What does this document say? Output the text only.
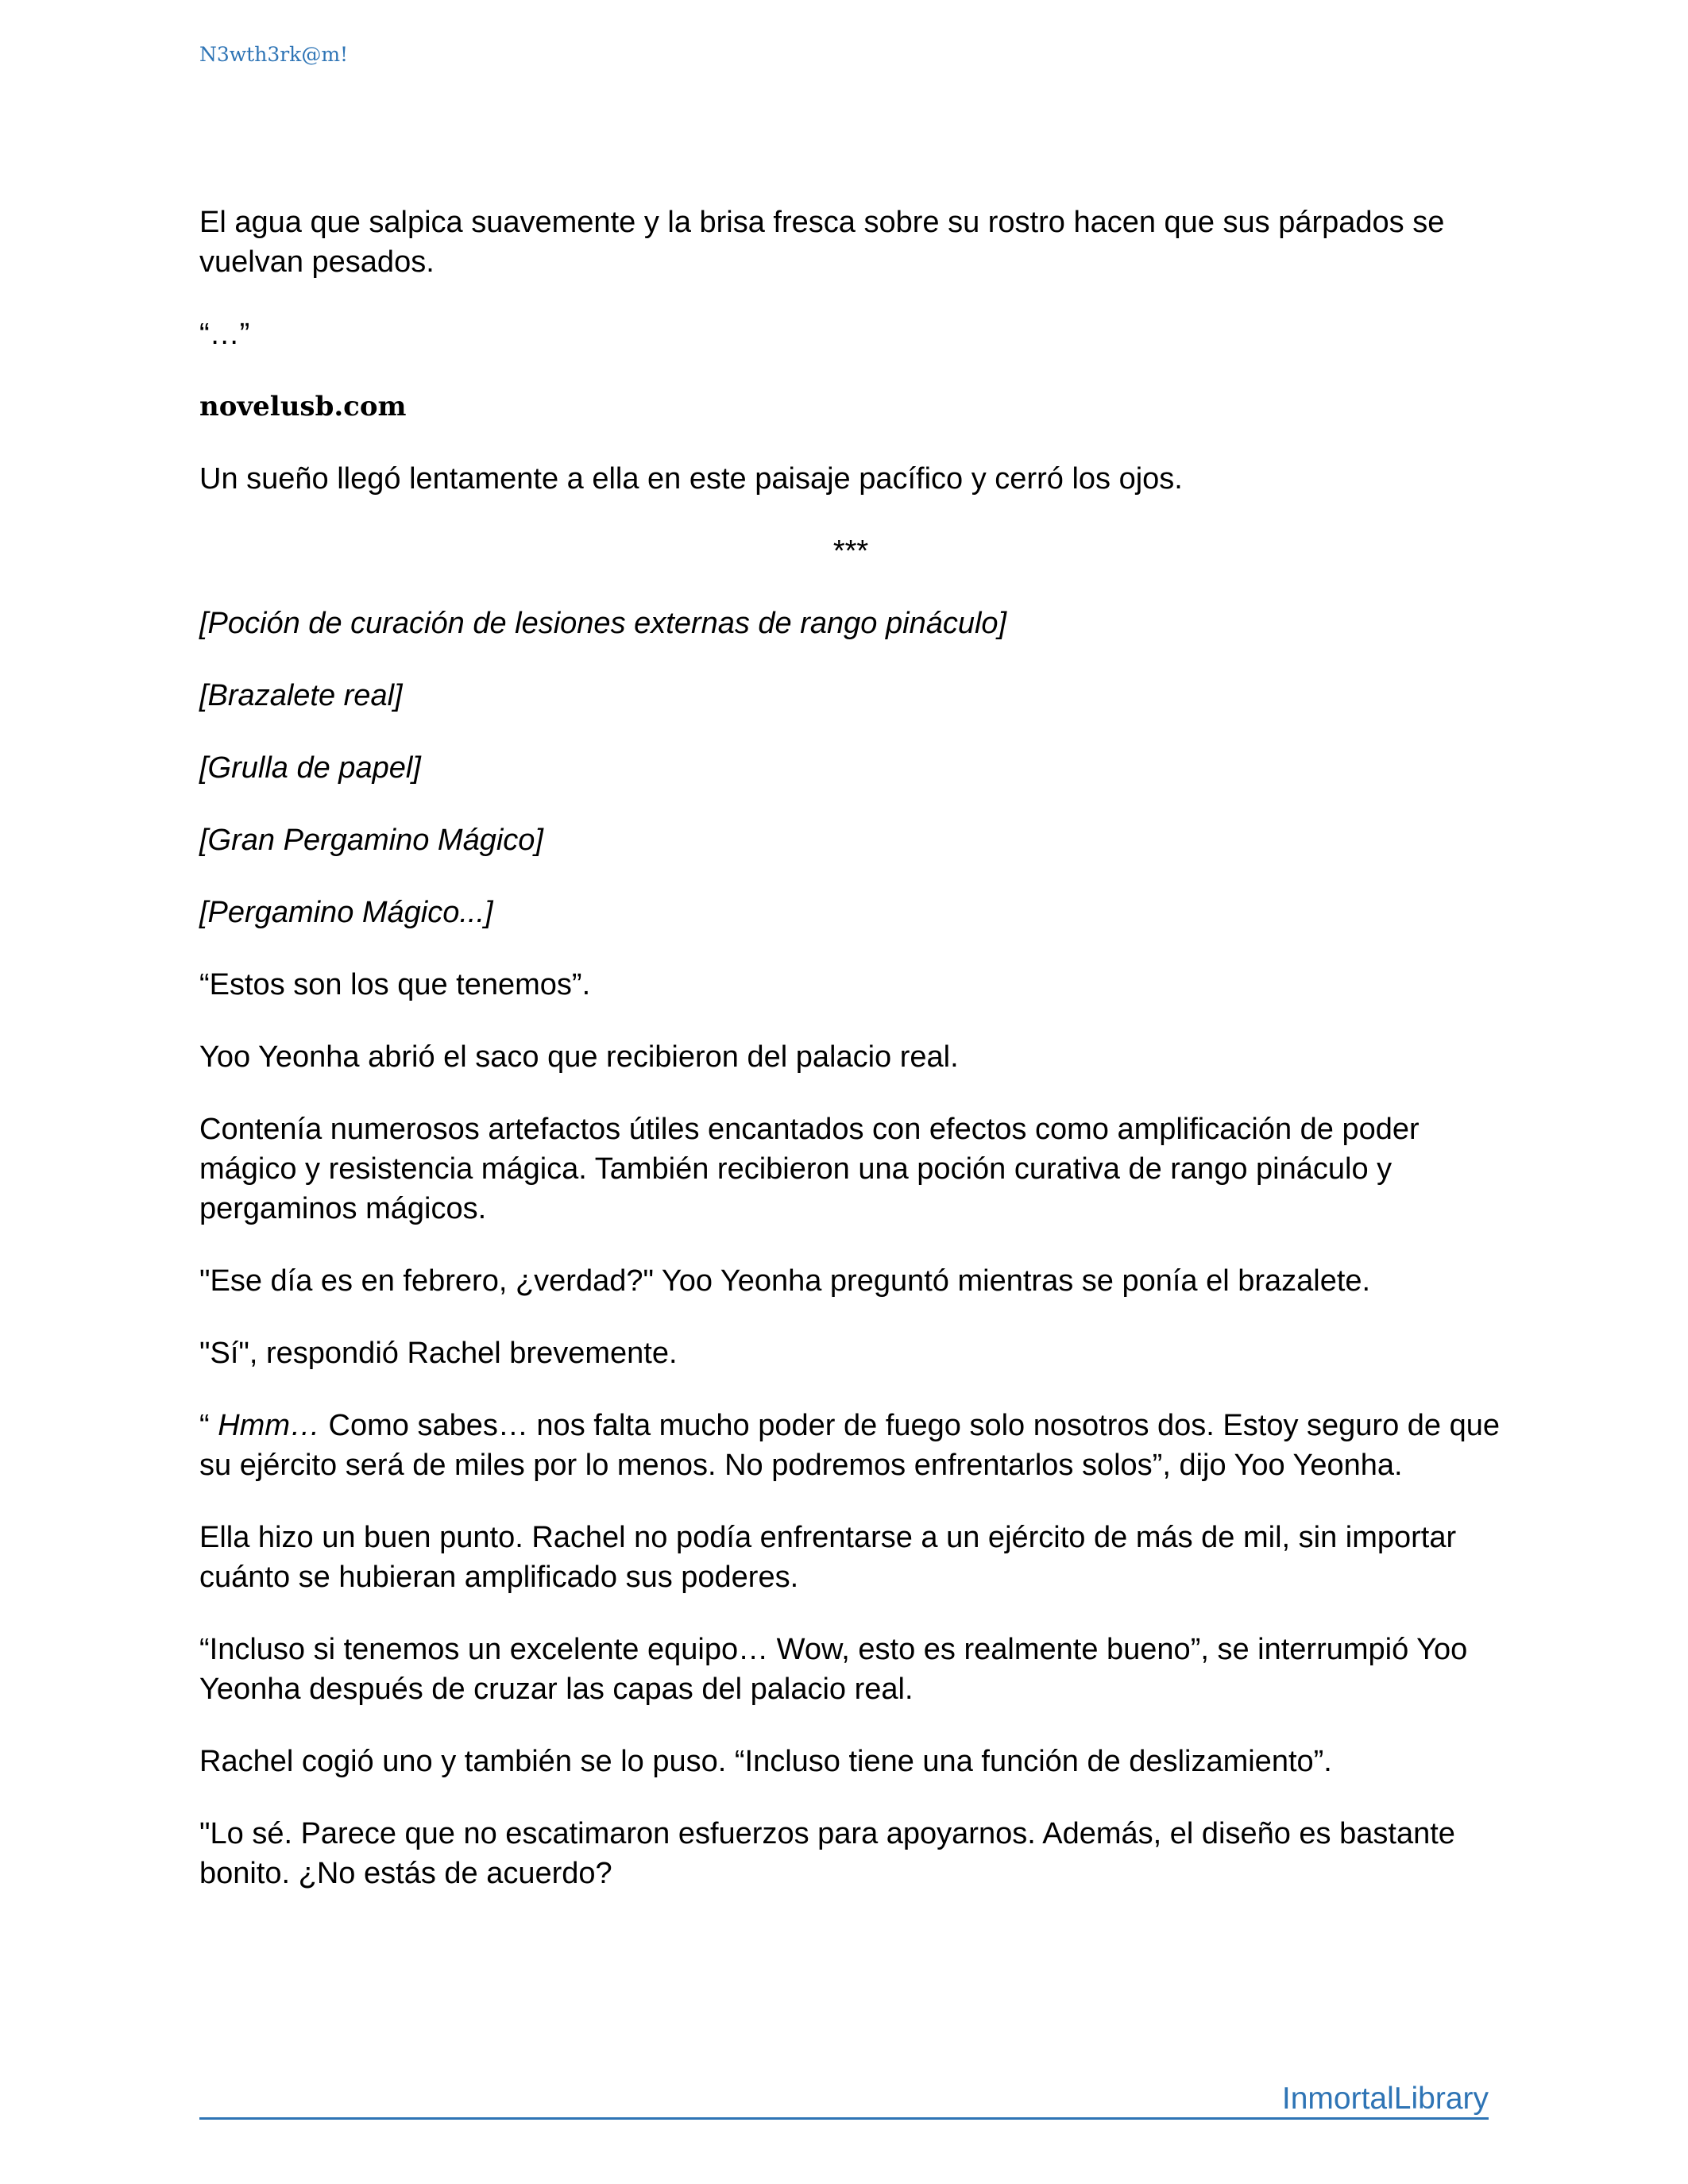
N3wth3rk@m!

El agua que salpica suavemente y la brisa fresca sobre su rostro hacen que sus párpados se vuelvan pesados.

“…”

novelusb.com

Un sueño llegó lentamente a ella en este paisaje pacífico y cerró los ojos.

***

[Poción de curación de lesiones externas de rango pináculo]

[Brazalete real]

[Grulla de papel]

[Gran Pergamino Mágico]

[Pergamino Mágico...]

“Estos son los que tenemos”.

Yoo Yeonha abrió el saco que recibieron del palacio real.

Contenía numerosos artefactos útiles encantados con efectos como amplificación de poder mágico y resistencia mágica. También recibieron una poción curativa de rango pináculo y pergaminos mágicos.

"Ese día es en febrero, ¿verdad?" Yoo Yeonha preguntó mientras se ponía el brazalete.

"Sí", respondió Rachel brevemente.

“ Hmm… Como sabes… nos falta mucho poder de fuego solo nosotros dos. Estoy seguro de que su ejército será de miles por lo menos. No podremos enfrentarlos solos”, dijo Yoo Yeonha.

Ella hizo un buen punto. Rachel no podía enfrentarse a un ejército de más de mil, sin importar cuánto se hubieran amplificado sus poderes.

“Incluso si tenemos un excelente equipo… Wow, esto es realmente bueno”, se interrumpió Yoo Yeonha después de cruzar las capas del palacio real.

Rachel cogió uno y también se lo puso. “Incluso tiene una función de deslizamiento”.

"Lo sé. Parece que no escatimaron esfuerzos para apoyarnos. Además, el diseño es bastante bonito. ¿No estás de acuerdo?

InmortalLibrary
